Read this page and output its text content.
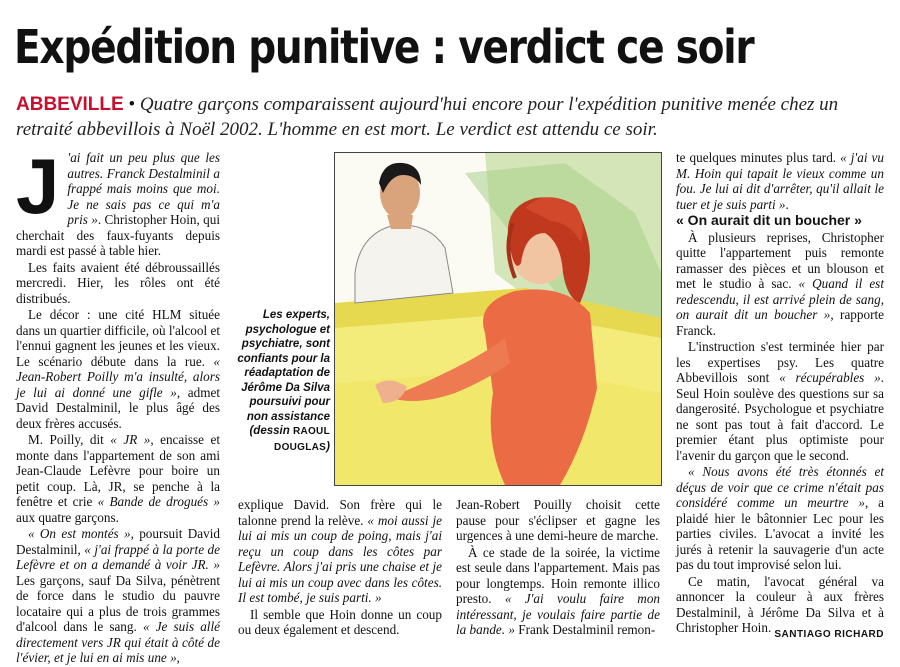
Expédition punitive : verdict ce soir
ABBEVILLE • Quatre garçons comparaissent aujourd'hui encore pour l'expédition punitive menée chez un retraité abbevillois à Noël 2002. L'homme en est mort. Le verdict est attendu ce soir.

J 'ai fait un peu plus que les autres. Franck Destalminil a frappé mais moins que moi. Je ne sais pas ce qui m'a pris ». Christopher Hoin, qui cherchait des faux-fuyants depuis mardi est passé à table hier.

Les faits avaient été débroussaillés mercredi. Hier, les rôles ont été distribués.

Le décor : une cité HLM située dans un quartier difficile, où l'alcool et l'ennui gagnent les jeunes et les vieux. Le scénario débute dans la rue. « Jean-Robert Poilly m'a insulté, alors je lui ai donné une gifle », admet David Destalminil, le plus âgé des deux frères accusés.

M. Poilly, dit « JR », encaisse et monte dans l'appartement de son ami Jean-Claude Lefèvre pour boire un petit coup. Là, JR, se penche à la fenêtre et crie « Bande de drogués » aux quatre garçons.

« On est montés », poursuit David Destalminil, « j'ai frappé à la porte de Lefèvre et on a demandé à voir JR. » Les garçons, sauf Da Silva, pénètrent de force dans le studio du pauvre locataire qui a plus de trois grammes d'alcool dans le sang. « Je suis allé directement vers JR qui était à côté de l'évier, et je lui en ai mis une »,

Les experts, psychologue et psychiatre, sont confiants pour la réadaptation de Jérôme Da Silva poursuivi pour non assistance (dessin RAOUL DOUGLAS)

explique David. Son frère qui le talonne prend la relève. « moi aussi je lui ai mis un coup de poing, mais j'ai reçu un coup dans les côtes par Lefèvre. Alors j'ai pris une chaise et je lui ai mis un coup avec dans les côtes. Il est tombé, je suis parti. »

Il semble que Hoin donne un coup ou deux également et descend.

Jean-Robert Pouilly choisit cette pause pour s'éclipser et gagne les urgences à une demi-heure de marche.

À ce stade de la soirée, la victime est seule dans l'appartement. Mais pas pour longtemps. Hoin remonte illico presto. « J'ai voulu faire mon intéressant, je voulais faire partie de la bande. » Frank Destalminil remon-

te quelques minutes plus tard. « j'ai vu M. Hoin qui tapait le vieux comme un fou. Je lui ai dit d'arrêter, qu'il allait le tuer et je suis parti ».

« On aurait dit un boucher »

À plusieurs reprises, Christopher quitte l'appartement puis remonte ramasser des pièces et un blouson et met le studio à sac. « Quand il est redescendu, il est arrivé plein de sang, on aurait dit un boucher », rapporte Franck.

L'instruction s'est terminée hier par les expertises psy. Les quatre Abbevillois sont « récupérables ». Seul Hoin soulève des questions sur sa dangerosité. Psychologue et psychiatre ne sont pas tout à fait d'accord. Le premier étant plus optimiste pour l'avenir du garçon que le second.

« Nous avons été très étonnés et déçus de voir que ce crime n'était pas considéré comme un meurtre », a plaidé hier le bâtonnier Lec pour les parties civiles. L'avocat a invité les jurés à retenir la sauvagerie d'un acte pas du tout improvisé selon lui.

Ce matin, l'avocat général va annoncer la couleur à aux frères Destalminil, à Jérôme Da Silva et à Christopher Hoin. SANTIAGO RICHARD
